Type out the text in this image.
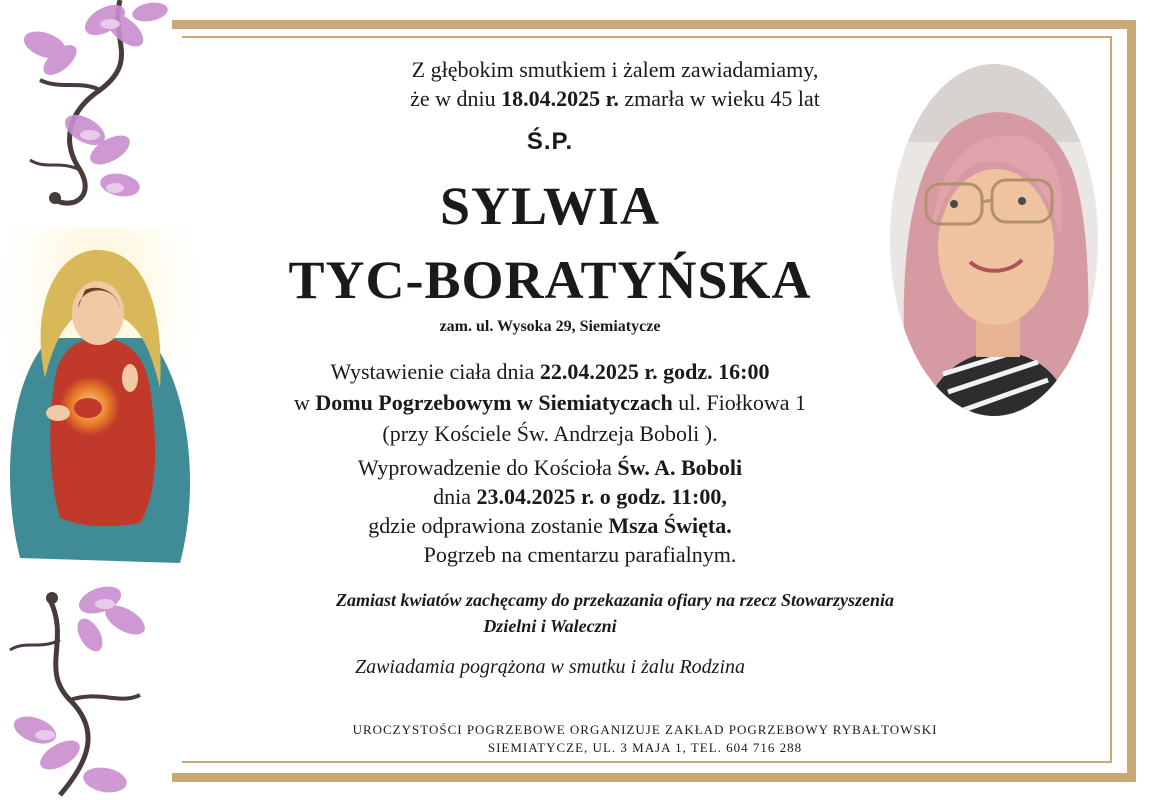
Z głębokim smutkiem i żalem zawiadamiamy,
że w dniu 18.04.2025 r. zmarła w wieku 45 lat
Ś.P.
SYLWIA
TYC-BORATYŃSKA
zam. ul. Wysoka 29, Siemiatycze
Wystawienie ciała dnia 22.04.2025 r. godz. 16:00
w Domu Pogrzebowym w Siemiatyczach ul. Fiołkowa 1
(przy Kościele Św. Andrzeja Boboli ).
Wyprowadzenie do Kościoła Św. A. Boboli
dnia 23.04.2025 r. o godz. 11:00,
gdzie odprawiona zostanie Msza Święta.
Pogrzeb na cmentarzu parafialnym.
Zamiast kwiatów zachęcamy do przekazania ofiary na rzecz Stowarzyszenia
Dzielni i Waleczni
Zawiadamia pogrążona w smutku i żalu Rodzina
UROCZYSTOŚCI POGRZEBOWE ORGANIZUJE ZAKŁAD POGRZEBOWY RYBAŁTOWSKI
SIEMIATYCZE, UL. 3 MAJA 1, TEL. 604 716 288
